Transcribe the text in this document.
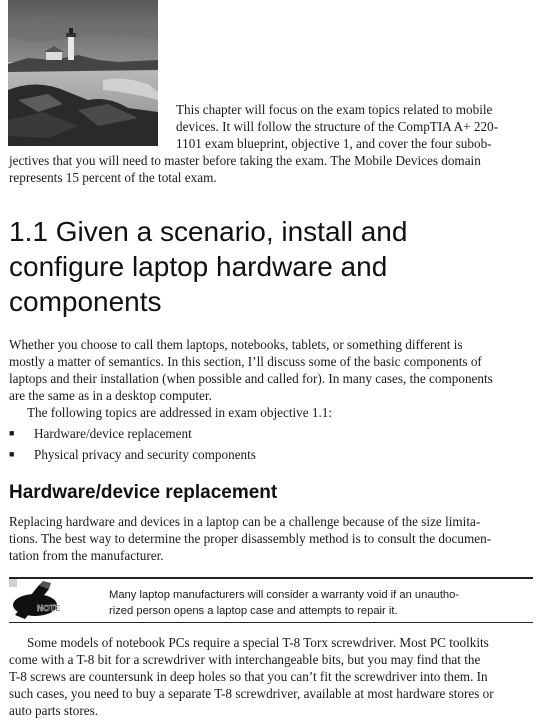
This chapter will focus on the exam topics related to mobile
devices. It will follow the structure of the CompTIA A+ 220-
1101 exam blueprint, objective 1, and cover the four subob-
jectives that you will need to master before taking the exam. The Mobile Devices domain
represents 15 percent of the total exam.
1.1 Given a scenario, install and
configure laptop hardware and
components
Whether you choose to call them laptops, notebooks, tablets, or something different is
mostly a matter of semantics. In this section, I’ll discuss some of the basic components of
laptops and their installation (when possible and called for). In many cases, the components
are the same as in a desktop computer.
The following topics are addressed in exam objective 1.1:
■	Hardware/device replacement
■	Physical privacy and security components
Hardware/device replacement
Replacing hardware and devices in a laptop can be a challenge because of the size limita-
tions. The best way to determine the proper disassembly method is to consult the documen-
tation from the manufacturer.
NOTE
Many laptop manufacturers will consider a warranty void if an unautho-
rized person opens a laptop case and attempts to repair it.
Some models of notebook PCs require a special T-8 Torx screwdriver. Most PC toolkits
come with a T-8 bit for a screwdriver with interchangeable bits, but you may find that the
T-8 screws are countersunk in deep holes so that you can’t fit the screwdriver into them. In
such cases, you need to buy a separate T-8 screwdriver, available at most hardware stores or
auto parts stores.
